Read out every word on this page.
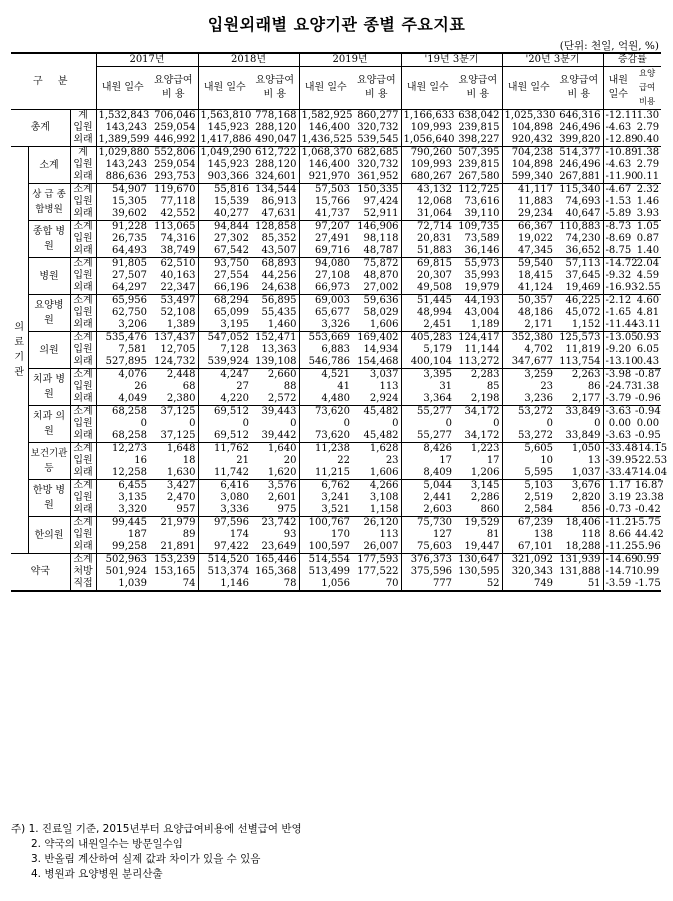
입원외래별 요양기관 종별 주요지표
(단위: 천일, 억원, %)
구 분			2017년		2018년		2019년		'19년 3분기		'20년 3분기		증감률	
			내원 일수	요양급여 비 용	내원 일수	요양급여 비 용	내원 일수	요양급여 비 용	내원 일수	요양급여 비 용	내원 일수	요양급여 비 용	내원 일수	요양 급여 비용
총계		계	1,532,843	706,046	1,563,810	778,168	1,582,925	860,277	1,166,633	638,042	1,025,330	646,316	-12.11	1.30
		입원	143,243	259,054	145,923	288,120	146,400	320,732	109,993	239,815	104,898	246,496	-4.63	2.79
		외래	1,389,599	446,992	1,417,886	490,047	1,436,525	539,545	1,056,640	398,227	920,432	399,820	-12.89	0.40
의 료 기 관	소계	계	1,029,880	552,806	1,049,290	612,722	1,068,370	682,685	790,260	507,395	704,238	514,377	-10.89	1.38
		입원	143,243	259,054	145,923	288,120	146,400	320,732	109,993	239,815	104,898	246,496	-4.63	2.79
		외래	886,636	293,753	903,366	324,601	921,970	361,952	680,267	267,580	599,340	267,881	-11.90	0.11
	상 급 종합병원	소계	54,907	119,670	55,816	134,544	57,503	150,335	43,132	112,725	41,117	115,340	-4.67	2.32
		입원	15,305	77,118	15,539	86,913	15,766	97,424	12,068	73,616	11,883	74,693	-1.53	1.46
		외래	39,602	42,552	40,277	47,631	41,737	52,911	31,064	39,110	29,234	40,647	-5.89	3.93
	종합 병원	소계	91,228	113,065	94,844	128,858	97,207	146,906	72,714	109,735	66,367	110,883	-8.73	1.05
		입원	26,735	74,316	27,302	85,352	27,491	98,118	20,831	73,589	19,022	74,230	-8.69	0.87
		외래	64,493	38,749	67,542	43,507	69,716	48,787	51,883	36,146	47,345	36,652	-8.75	1.40
	병원	소계	91,805	62,510	93,750	68,893	94,080	75,872	69,815	55,973	59,540	57,113	-14.72	2.04
		입원	27,507	40,163	27,554	44,256	27,108	48,870	20,307	35,993	18,415	37,645	-9.32	4.59
		외래	64,297	22,347	66,196	24,638	66,973	27,002	49,508	19,979	41,124	19,469	-16.93	-2.55
	요양병원	소계	65,956	53,497	68,294	56,895	69,003	59,636	51,445	44,193	50,357	46,225	-2.12	4.60
		입원	62,750	52,108	65,099	55,435	65,677	58,029	48,994	43,004	48,186	45,072	-1.65	4.81
		외래	3,206	1,389	3,195	1,460	3,326	1,606	2,451	1,189	2,171	1,152	-11.44	-3.11
	의원	소계	535,476	137,437	547,052	152,471	553,669	169,402	405,283	124,417	352,380	125,573	-13.05	0.93
		입원	7,581	12,705	7,128	13,363	6,883	14,934	5,179	11,144	4,702	11,819	-9.20	6.05
		외래	527,895	124,732	539,924	139,108	546,786	154,468	400,104	113,272	347,677	113,754	-13.10	0.43
	치과 병원	소계	4,076	2,448	4,247	2,660	4,521	3,037	3,395	2,283	3,259	2,263	-3.98	-0.87
		입원	26	68	27	88	41	113	31	85	23	86	-24.73	1.38
		외래	4,049	2,380	4,220	2,572	4,480	2,924	3,364	2,198	3,236	2,177	-3.79	-0.96
	치과 의원	소계	68,258	37,125	69,512	39,443	73,620	45,482	55,277	34,172	53,272	33,849	-3.63	-0.94
		입원	0	0	0	0	0	0	0	0	0	0	0.00	0.00
		외래	68,258	37,125	69,512	39,442	73,620	45,482	55,277	34,172	53,272	33,849	-3.63	-0.95
	보건기관 등	소계	12,273	1,648	11,762	1,640	11,238	1,628	8,426	1,223	5,605	1,050	-33.48	-14.15
		입원	16	18	21	20	22	23	17	17	10	13	-39.95	-22.53
		외래	12,258	1,630	11,742	1,620	11,215	1,606	8,409	1,206	5,595	1,037	-33.47	-14.04
	한방 병원	소계	6,455	3,427	6,416	3,576	6,762	4,266	5,044	3,145	5,103	3,676	1.17	16.87
		입원	3,135	2,470	3,080	2,601	3,241	3,108	2,441	2,286	2,519	2,820	3.19	23.38
		외래	3,320	957	3,336	975	3,521	1,158	2,603	860	2,584	856	-0.73	-0.42
	한의원	소계	99,445	21,979	97,596	23,742	100,767	26,120	75,730	19,529	67,239	18,406	-11.21	-5.75
		입원	187	89	174	93	170	113	127	81	138	118	8.66	44.42
		외래	99,258	21,891	97,422	23,649	100,597	26,007	75,603	19,447	67,101	18,288	-11.25	-5.96
약국		소계	502,963	153,239	514,520	165,446	514,554	177,593	376,373	130,647	321,092	131,939	-14.69	0.99
		처방	501,924	153,165	513,374	165,368	513,499	177,522	375,596	130,595	320,343	131,888	-14.71	0.99
		직접	1,039	74	1,146	78	1,056	70	777	52	749	51	-3.59	-1.75
주) 1. 진료일 기준, 2015년부터 요양급여비용에 선별급여 반영
2. 약국의 내원일수는 방문일수임
3. 반올림 계산하여 실제 값과 차이가 있을 수 있음
4. 병원과 요양병원 분리산출
